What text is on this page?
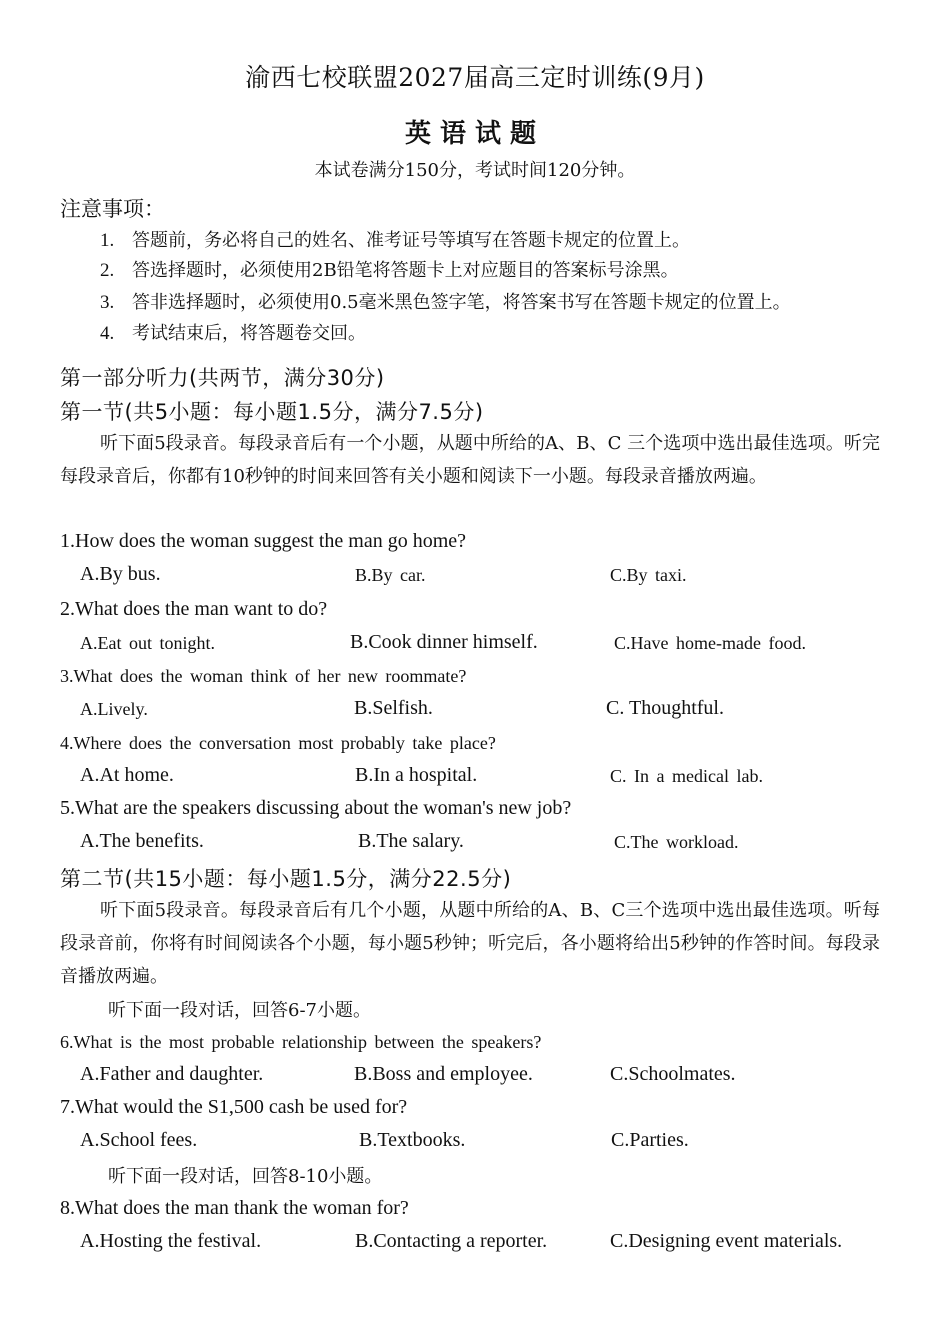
渝西七校联盟2027届高三定时训练(9月)
英语试题
本试卷满分150分，考试时间120分钟。
注意事项：
1. 答题前，务必将自己的姓名、准考证号等填写在答题卡规定的位置上。
2. 答选择题时，必须使用2B铅笔将答题卡上对应题目的答案标号涂黑。
3. 答非选择题时，必须使用0.5毫米黑色签字笔，将答案书写在答题卡规定的位置上。
4. 考试结束后，将答题卷交回。
第一部分听力(共两节，满分30分)
第一节(共5小题：每小题1.5分，满分7.5分)
听下面5段录音。每段录音后有一个小题，从题中所给的A、B、C 三个选项中选出最佳选项。听完每段录音后，你都有10秒钟的时间来回答有关小题和阅读下一小题。每段录音播放两遍。
1.How does the woman suggest the man go home?
A.By bus.	B.By car.	C.By taxi.
2.What does the man want to do?
A.Eat out tonight.	B.Cook dinner himself.	C.Have home-made food.
3.What does the woman think of her new roommate?
A.Lively.	B.Selfish.	C. Thoughtful.
4.Where does the conversation most probably take place?
A.At home.	B.In a hospital.	C. In a medical lab.
5.What are the speakers discussing about the woman's new job?
A.The benefits.	B.The salary.	C.The workload.
第二节(共15小题：每小题1.5分，满分22.5分)
听下面5段录音。每段录音后有几个小题，从题中所给的A、B、C三个选项中选出最佳选项。听每段录音前，你将有时间阅读各个小题，每小题5秒钟；听完后，各小题将给出5秒钟的作答时间。每段录音播放两遍。
听下面一段对话，回答6-7小题。
6.What is the most probable relationship between the speakers?
A.Father and daughter.	B.Boss and employee.	C.Schoolmates.
7.What would the S1,500 cash be used for?
A.School fees.	B.Textbooks.	C.Parties.
听下面一段对话，回答8-10小题。
8.What does the man thank the woman for?
A.Hosting the festival.	B.Contacting a reporter.	C.Designing event materials.
